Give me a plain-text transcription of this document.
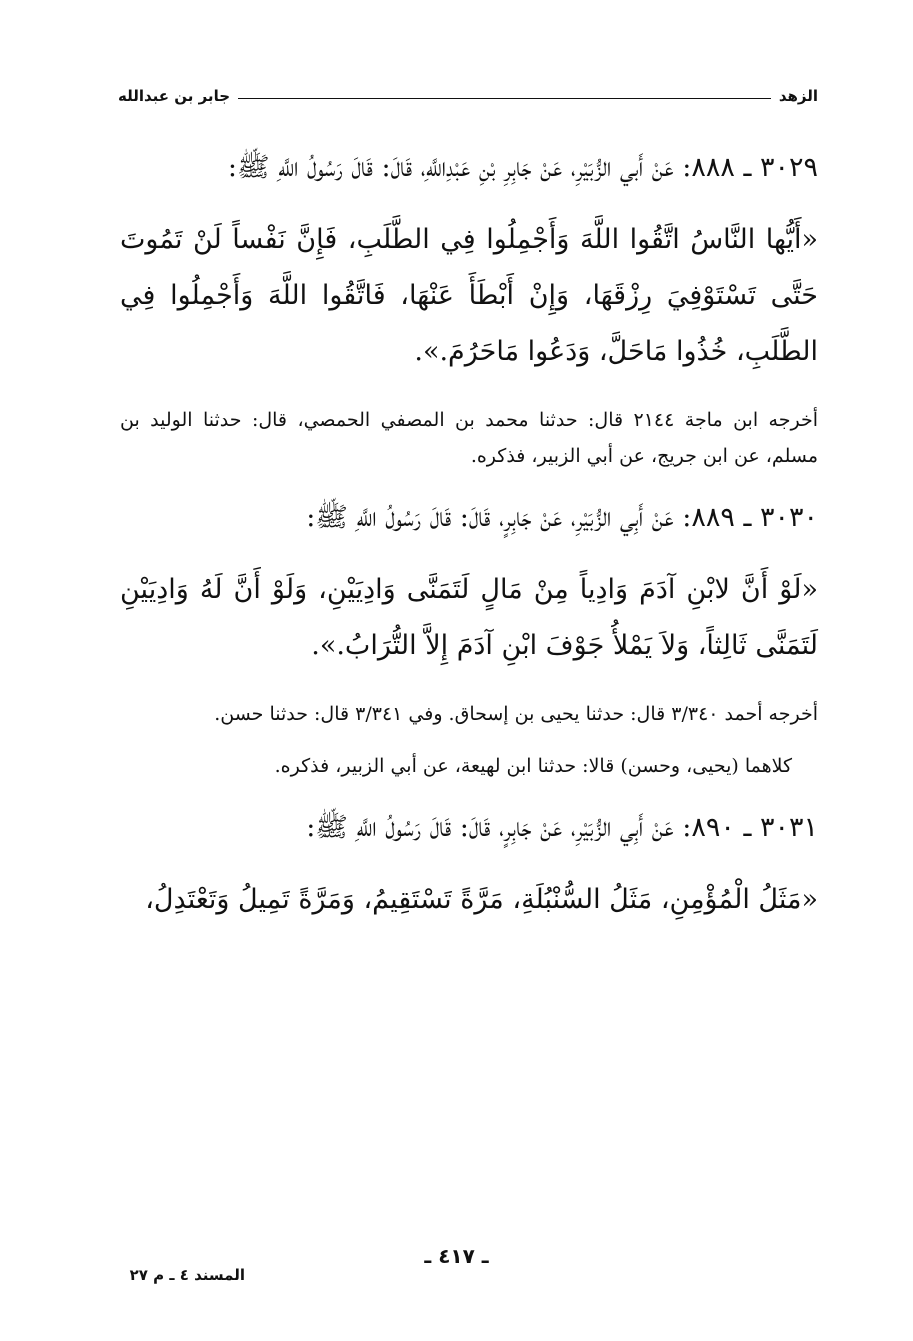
الزهد
جابر بن عبدالله

٣٠٢٩ ـ ٨٨٨: عَنْ أَبي الزُّبَيْرِ، عَنْ جَابِرِ بْنِ عَبْدِاللَّهِ، قَالَ: قَالَ رَسُولُ اللَّهِ ﷺ:

«أَيُّها النَّاسُ اتَّقُوا اللَّهَ وَأَجْمِلُوا فِي الطَّلَبِ، فَإِنَّ نَفْساً لَنْ تَمُوتَ حَتَّى تَسْتَوْفِيَ رِزْقَهَا، وَإِنْ أَبْطَأَ عَنْهَا، فَاتَّقُوا اللَّهَ وَأَجْمِلُوا فِي الطَّلَبِ، خُذُوا مَاحَلَّ، وَدَعُوا مَاحَرُمَ.».

أخرجه ابن ماجة ٢١٤٤ قال: حدثنا محمد بن المصفي الحمصي، قال: حدثنا الوليد بن مسلم، عن ابن جريج، عن أبي الزبير، فذكره.

٣٠٣٠ ـ ٨٨٩: عَنْ أَبِي الزُّبَيْرِ، عَنْ جَابِرٍ، قَالَ: قَالَ رَسُولُ اللَّهِ ﷺ:

«لَوْ أَنَّ لابْنِ آدَمَ وَادِياً مِنْ مَالٍ لَتَمَنَّى وَادِيَيْنِ، وَلَوْ أَنَّ لَهُ وَادِيَيْنِ لَتَمَنَّى ثَالِثاً، وَلاَ يَمْلأُ جَوْفَ ابْنِ آدَمَ إِلاَّ التُّرَابُ.».

أخرجه أحمد ٣/٣٤٠ قال: حدثنا يحيى بن إسحاق. وفي ٣/٣٤١ قال: حدثنا حسن.

كلاهما (يحيى، وحسن) قالا: حدثنا ابن لهيعة، عن أبي الزبير، فذكره.

٣٠٣١ ـ ٨٩٠: عَنْ أَبِي الزُّبَيْرِ، عَنْ جَابِرٍ، قَالَ: قَالَ رَسُولُ اللَّهِ ﷺ:

«مَثَلُ الْمُؤْمِنِ، مَثَلُ السُّنْبُلَةِ، مَرَّةً تَسْتَقِيمُ، وَمَرَّةً تَمِيلُ وَتَعْتَدِلُ،

ـ ٤١٧ ـ
المسند ٤ ـ م ٢٧
